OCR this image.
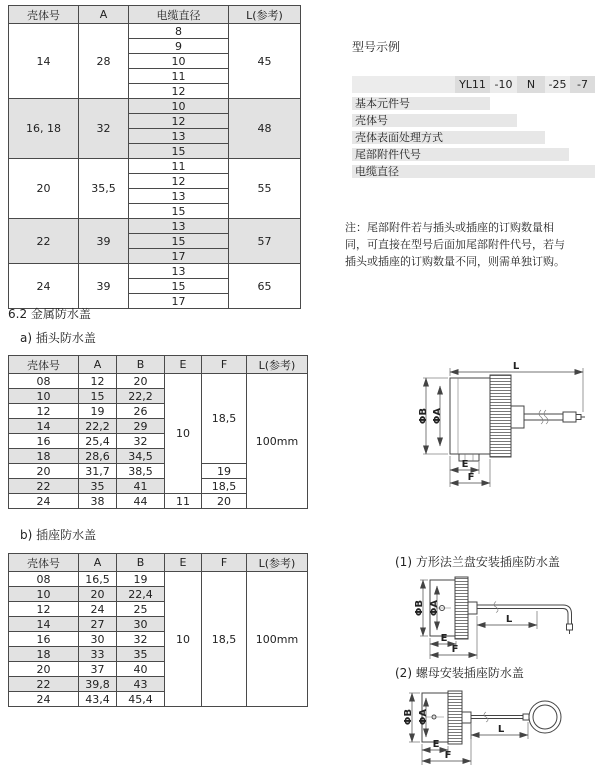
壳体号	A	电缆直径	L(参考)
14	28	8	45
		9	
		10	
		11	
		12	
16, 18	32	10	48
		12	
		13	
		15	
20	35,5	11	55
		12	
		13	
		15	
22	39	13	57
		15	
		17	
24	39	13	65
		15	
		17	
型号示例
YL11 -10	N	-25 -7
基本元件号
壳体号
壳体表面处理方式
尾部附件代号
电缆直径
注：尾部附件若与插头或插座的订购数量相
同，可直接在型号后面加尾部附件代号，若与
插头或插座的订购数量不同，则需单独订购。
6.2 金属防水盖
a) 插头防水盖
壳体号	A	B	E	F	L(参考)
08	12	20	10	18,5	100mm
10	15	22,2			
12	19	26			
14	22,2	29			
16	25,4	32			
18	28,6	34,5			
20	31,7	38,5		19	
22	35	41		18,5	
24	38	44	11	20	
L
ΦB ΦA
E
F
b) 插座防水盖
壳体号	A	B	E	F	L(参考)
08	16,5	19	10	18,5	100mm
10	20	22,4			
12	24	25			
14	27	30			
16	30	32			
18	33	35			
20	37	40			
22	39,8	43			
24	43,4	45,4			
(1) 方形法兰盘安装插座防水盖
L
ΦB ΦA
E
F
(2) 螺母安装插座防水盖
L
ΦB ΦA
E
F
